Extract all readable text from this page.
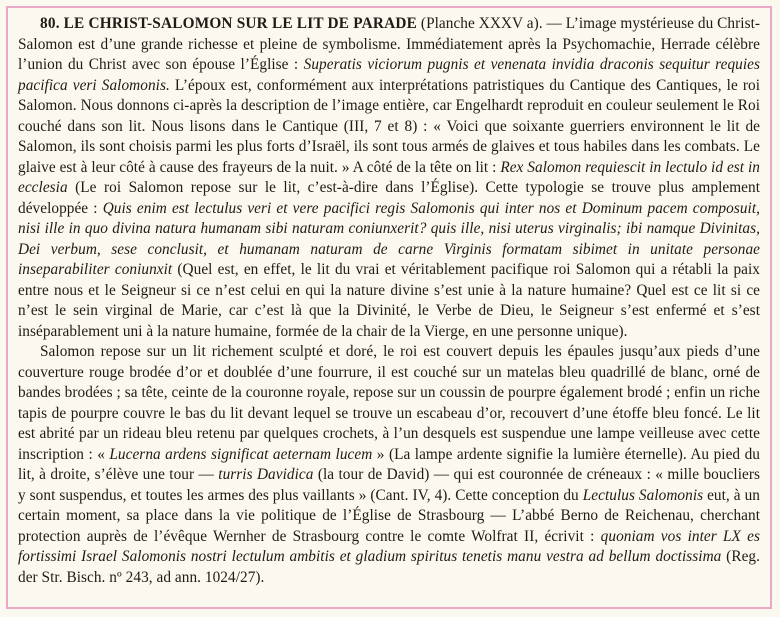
80. LE CHRIST-SALOMON SUR LE LIT DE PARADE (Planche XXXV a). — L’image mystérieuse du Christ-Salomon est d’une grande richesse et pleine de symbolisme. Immédiatement après la Psychomachie, Herrade célèbre l’union du Christ avec son épouse l’Église : Superatis viciorum pugnis et venenata invidia draconis sequitur requies pacifica veri Salomonis. L’époux est, conformément aux interprétations patristiques du Cantique des Cantiques, le roi Salomon. Nous donnons ci-après la description de l’image entière, car Engelhardt reproduit en couleur seulement le Roi couché dans son lit. Nous lisons dans le Cantique (III, 7 et 8) : « Voici que soixante guerriers environnent le lit de Salomon, ils sont choisis parmi les plus forts d’Israël, ils sont tous armés de glaives et tous habiles dans les combats. Le glaive est à leur côté à cause des frayeurs de la nuit. » A côté de la tête on lit : Rex Salomon requiescit in lectulo id est in ecclesia (Le roi Salomon repose sur le lit, c’est-à-dire dans l’Église). Cette typologie se trouve plus amplement développée : Quis enim est lectulus veri et vere pacifici regis Salomonis qui inter nos et Dominum pacem composuit, nisi ille in quo divina natura humanam sibi naturam coniunxerit? quis ille, nisi uterus virginalis; ibi namque Divinitas, Dei verbum, sese conclusit, et humanam naturam de carne Virginis formatam sibimet in unitate personae inseparabiliter coniunxit (Quel est, en effet, le lit du vrai et véritablement pacifique roi Salomon qui a rétabli la paix entre nous et le Seigneur si ce n’est celui en qui la nature divine s’est unie à la nature humaine? Quel est ce lit si ce n’est le sein virginal de Marie, car c’est là que la Divinité, le Verbe de Dieu, le Seigneur s’est enfermé et s’est inséparablement uni à la nature humaine, formée de la chair de la Vierge, en une personne unique).

Salomon repose sur un lit richement sculpté et doré, le roi est couvert depuis les épaules jusqu’aux pieds d’une couverture rouge brodée d’or et doublée d’une fourrure, il est couché sur un matelas bleu quadrillé de blanc, orné de bandes brodées ; sa tête, ceinte de la couronne royale, repose sur un coussin de pourpre également brodé ; enfin un riche tapis de pourpre couvre le bas du lit devant lequel se trouve un escabeau d’or, recouvert d’une étoffe bleu foncé. Le lit est abrité par un rideau bleu retenu par quelques crochets, à l’un desquels est suspendue une lampe veilleuse avec cette inscription : « Lucerna ardens significat aeternam lucem » (La lampe ardente signifie la lumière éternelle). Au pied du lit, à droite, s’élève une tour — turris Davidica (la tour de David) — qui est couronnée de créneaux : « mille boucliers y sont suspendus, et toutes les armes des plus vaillants » (Cant. IV, 4). Cette conception du Lectulus Salomonis eut, à un certain moment, sa place dans la vie politique de l’Église de Strasbourg — L’abbé Berno de Reichenau, cherchant protection auprès de l’évêque Wernher de Strasbourg contre le comte Wolfrat II, écrivit : quoniam vos inter LX es fortissimi Israel Salomonis nostri lectulum ambitis et gladium spiritus tenetis manu vestra ad bellum doctissima (Reg. der Str. Bisch. nº 243, ad ann. 1024/27).
